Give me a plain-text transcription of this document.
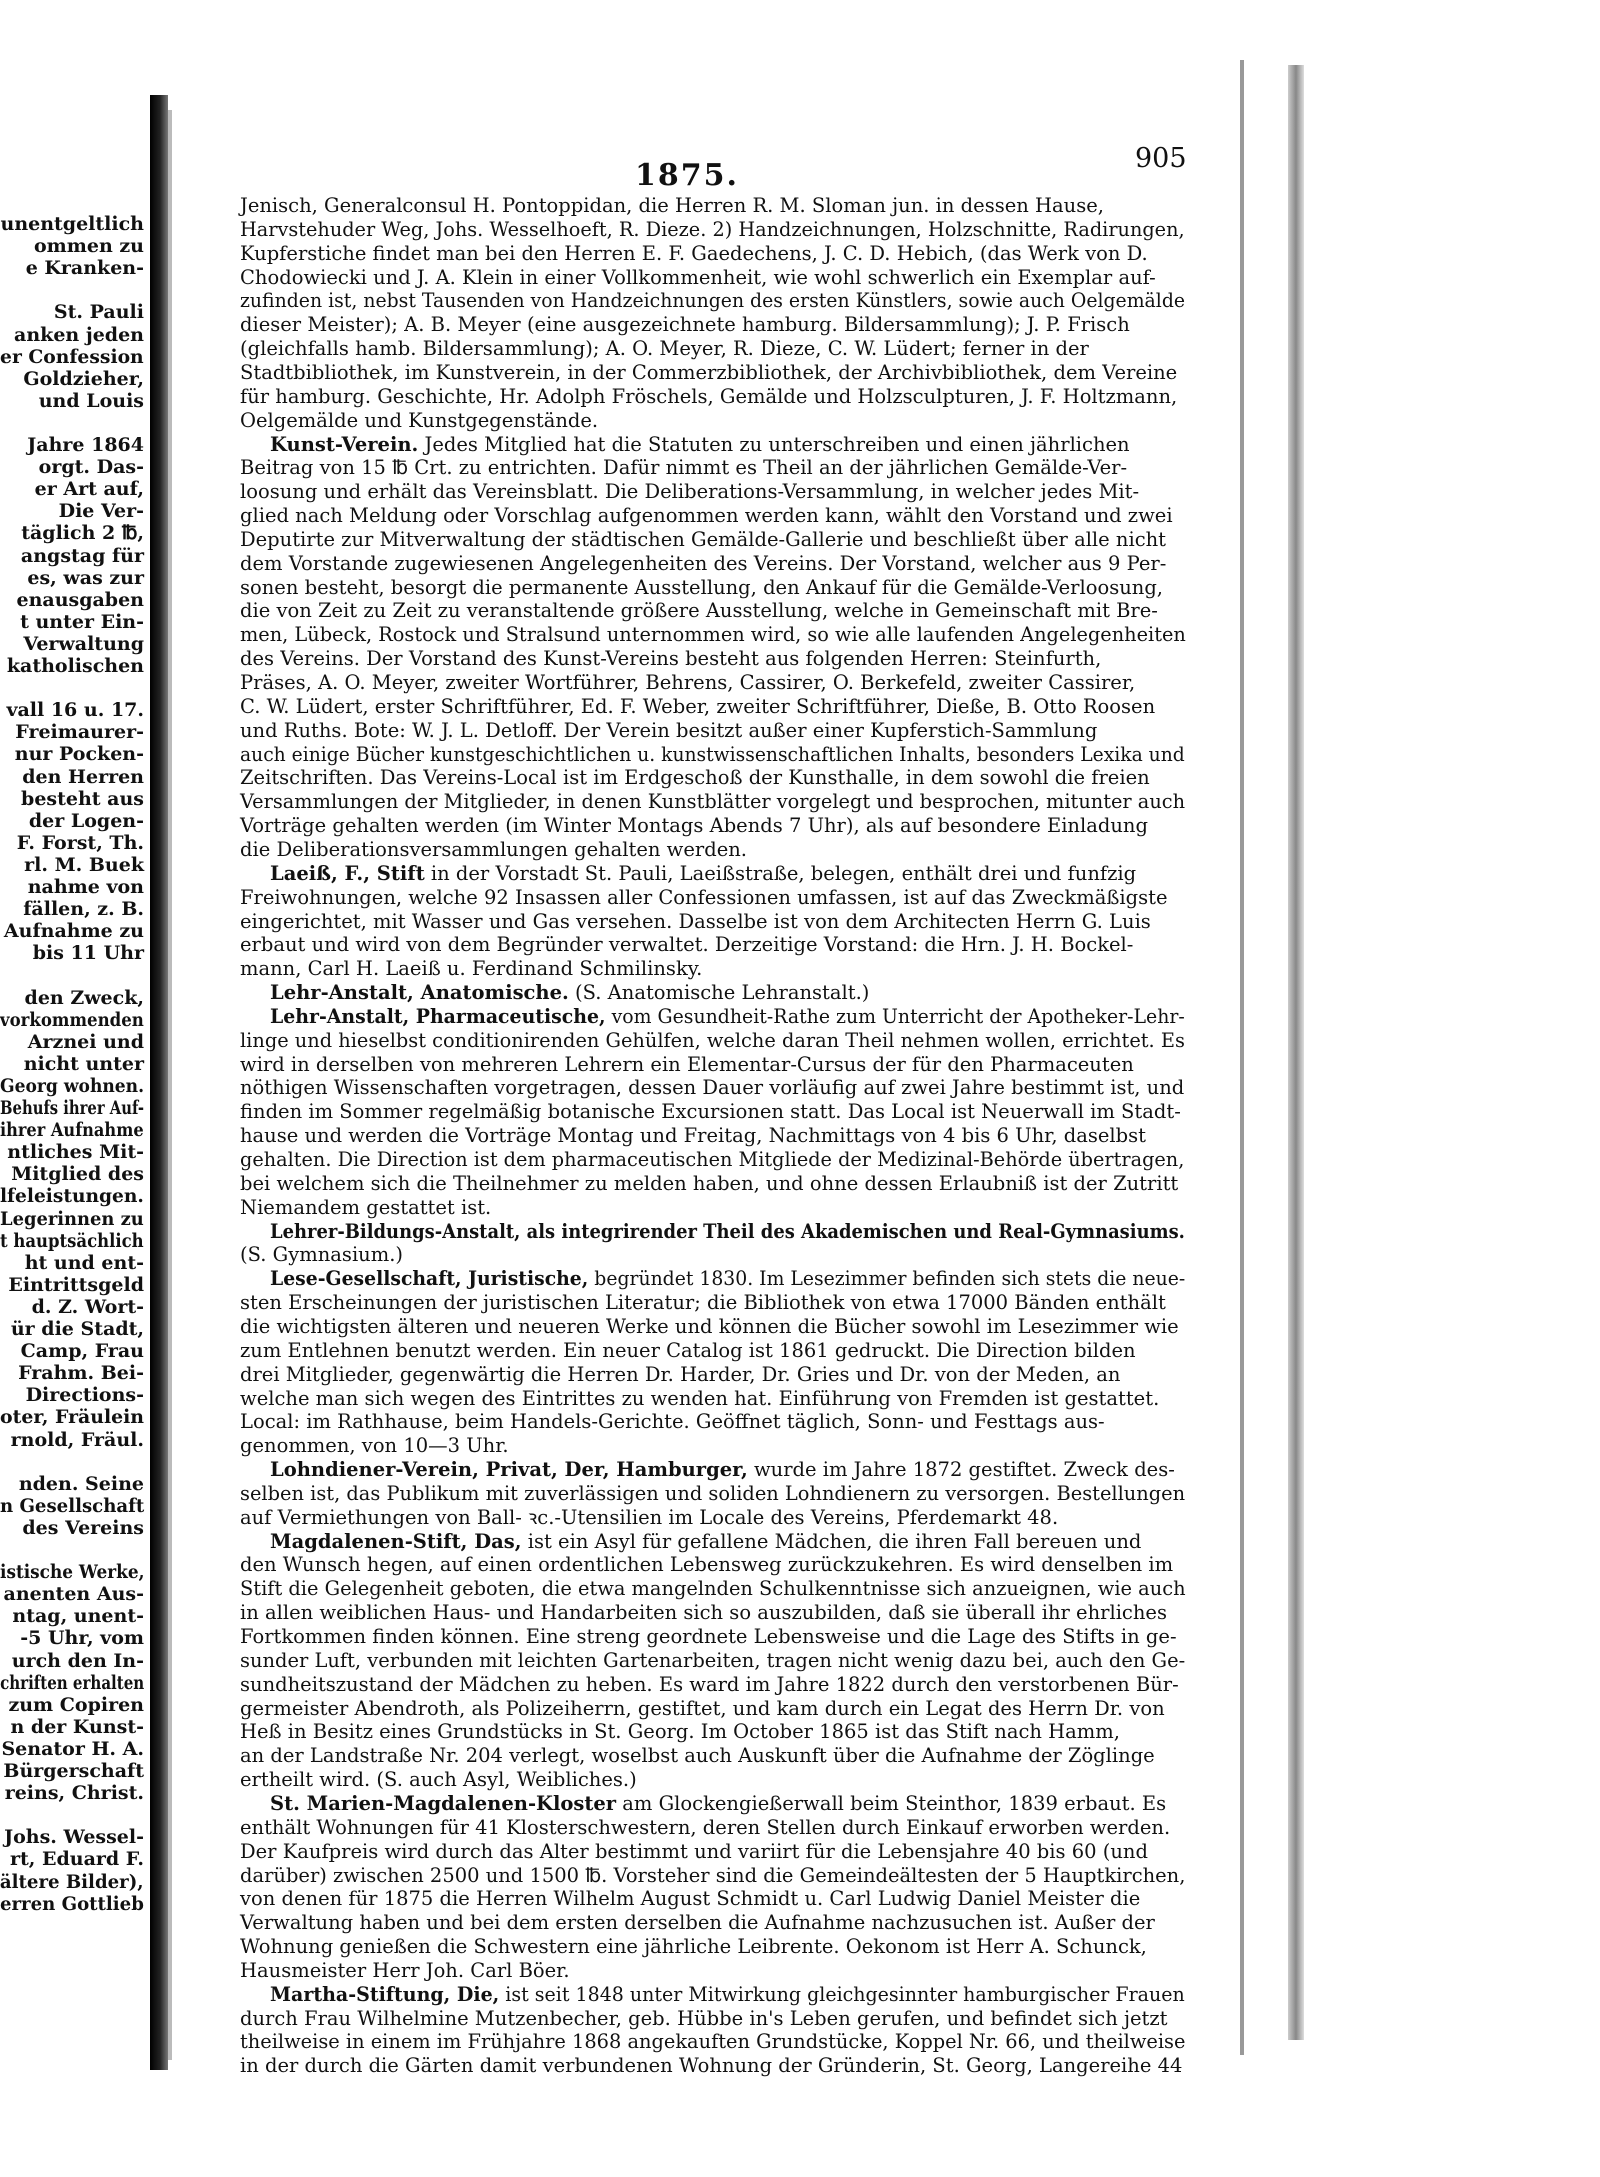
unentgeltlich
ommen zu
e Kranken-
St. Pauli
anken jeden
er Confession
Goldzieher,
und Louis
Jahre 1864
orgt. Das-
er Art auf,
Die Ver-
täglich 2 ℔,
angstag für
es, was zur
enausgaben
t unter Ein-
Verwaltung
katholischen
vall 16 u. 17.
Freimaurer-
nur Pocken-
den Herren
besteht aus
der Logen-
F. Forst, Th.
rl. M. Buek
nahme von
fällen, z. B.
Aufnahme zu
bis 11 Uhr
den Zweck,
vorkommenden
Arznei und
nicht unter
Georg wohnen.
Behufs ihrer Auf-
ihrer Aufnahme
ntliches Mit-
Mitglied des
lfeleistungen.
Legerinnen zu
t hauptsächlich
ht und ent-
Eintrittsgeld
d. Z. Wort-
ür die Stadt,
Camp, Frau
Frahm. Bei-
Directions-
oter, Fräulein
rnold, Fräul.
nden. Seine
n Gesellschaft
des Vereins
istische Werke,
anenten Aus-
ntag, unent-
-5 Uhr, vom
urch den In-
chriften erhalten
zum Copiren
n der Kunst-
Senator H. A.
Bürgerschaft
reins, Christ.
Johs. Wessel-
rt, Eduard F.
ältere Bilder),
erren Gottlieb
1875.	905
Jenisch, Generalconsul H. Pontoppidan, die Herren R. M. Sloman jun. in dessen Hause,
Harvstehuder Weg, Johs. Wesselhoeft, R. Dieze. 2) Handzeichnungen, Holzschnitte, Radirungen,
Kupferstiche findet man bei den Herren E. F. Gaedechens, J. C. D. Hebich, (das Werk von D.
Chodowiecki und J. A. Klein in einer Vollkommenheit, wie wohl schwerlich ein Exemplar auf-
zufinden ist, nebst Tausenden von Handzeichnungen des ersten Künstlers, sowie auch Oelgemälde
dieser Meister); A. B. Meyer (eine ausgezeichnete hamburg. Bildersammlung); J. P. Frisch
(gleichfalls hamb. Bildersammlung); A. O. Meyer, R. Dieze, C. W. Lüdert; ferner in der
Stadtbibliothek, im Kunstverein, in der Commerzbibliothek, der Archivbibliothek, dem Vereine
für hamburg. Geschichte, Hr. Adolph Fröschels, Gemälde und Holzsculpturen, J. F. Holtzmann,
Oelgemälde und Kunstgegenstände.
Kunst-Verein. Jedes Mitglied hat die Statuten zu unterschreiben und einen jährlichen
Beitrag von 15 ℔ Crt. zu entrichten. Dafür nimmt es Theil an der jährlichen Gemälde-Ver-
loosung und erhält das Vereinsblatt. Die Deliberations-Versammlung, in welcher jedes Mit-
glied nach Meldung oder Vorschlag aufgenommen werden kann, wählt den Vorstand und zwei
Deputirte zur Mitverwaltung der städtischen Gemälde-Gallerie und beschließt über alle nicht
dem Vorstande zugewiesenen Angelegenheiten des Vereins. Der Vorstand, welcher aus 9 Per-
sonen besteht, besorgt die permanente Ausstellung, den Ankauf für die Gemälde-Verloosung,
die von Zeit zu Zeit zu veranstaltende größere Ausstellung, welche in Gemeinschaft mit Bre-
men, Lübeck, Rostock und Stralsund unternommen wird, so wie alle laufenden Angelegenheiten
des Vereins. Der Vorstand des Kunst-Vereins besteht aus folgenden Herren: Steinfurth,
Präses, A. O. Meyer, zweiter Wortführer, Behrens, Cassirer, O. Berkefeld, zweiter Cassirer,
C. W. Lüdert, erster Schriftführer, Ed. F. Weber, zweiter Schriftführer, Dieße, B. Otto Roosen
und Ruths. Bote: W. J. L. Detloff. Der Verein besitzt außer einer Kupferstich-Sammlung
auch einige Bücher kunstgeschichtlichen u. kunstwissenschaftlichen Inhalts, besonders Lexika und
Zeitschriften. Das Vereins-Local ist im Erdgeschoß der Kunsthalle, in dem sowohl die freien
Versammlungen der Mitglieder, in denen Kunstblätter vorgelegt und besprochen, mitunter auch
Vorträge gehalten werden (im Winter Montags Abends 7 Uhr), als auf besondere Einladung
die Deliberationsversammlungen gehalten werden.
Laeiß, F., Stift in der Vorstadt St. Pauli, Laeißstraße, belegen, enthält drei und funfzig
Freiwohnungen, welche 92 Insassen aller Confessionen umfassen, ist auf das Zweckmäßigste
eingerichtet, mit Wasser und Gas versehen. Dasselbe ist von dem Architecten Herrn G. Luis
erbaut und wird von dem Begründer verwaltet. Derzeitige Vorstand: die Hrn. J. H. Bockel-
mann, Carl H. Laeiß u. Ferdinand Schmilinsky.
Lehr-Anstalt, Anatomische. (S. Anatomische Lehranstalt.)
Lehr-Anstalt, Pharmaceutische, vom Gesundheit-Rathe zum Unterricht der Apotheker-Lehr-
linge und hieselbst conditionirenden Gehülfen, welche daran Theil nehmen wollen, errichtet. Es
wird in derselben von mehreren Lehrern ein Elementar-Cursus der für den Pharmaceuten
nöthigen Wissenschaften vorgetragen, dessen Dauer vorläufig auf zwei Jahre bestimmt ist, und
finden im Sommer regelmäßig botanische Excursionen statt. Das Local ist Neuerwall im Stadt-
hause und werden die Vorträge Montag und Freitag, Nachmittags von 4 bis 6 Uhr, daselbst
gehalten. Die Direction ist dem pharmaceutischen Mitgliede der Medizinal-Behörde übertragen,
bei welchem sich die Theilnehmer zu melden haben, und ohne dessen Erlaubniß ist der Zutritt
Niemandem gestattet ist.
Lehrer-Bildungs-Anstalt, als integrirender Theil des Akademischen und Real-Gymnasiums.
(S. Gymnasium.)
Lese-Gesellschaft, Juristische, begründet 1830. Im Lesezimmer befinden sich stets die neue-
sten Erscheinungen der juristischen Literatur; die Bibliothek von etwa 17000 Bänden enthält
die wichtigsten älteren und neueren Werke und können die Bücher sowohl im Lesezimmer wie
zum Entlehnen benutzt werden. Ein neuer Catalog ist 1861 gedruckt. Die Direction bilden
drei Mitglieder, gegenwärtig die Herren Dr. Harder, Dr. Gries und Dr. von der Meden, an
welche man sich wegen des Eintrittes zu wenden hat. Einführung von Fremden ist gestattet.
Local: im Rathhause, beim Handels-Gerichte. Geöffnet täglich, Sonn- und Festtags aus-
genommen, von 10—3 Uhr.
Lohndiener-Verein, Privat, Der, Hamburger, wurde im Jahre 1872 gestiftet. Zweck des-
selben ist, das Publikum mit zuverlässigen und soliden Lohndienern zu versorgen. Bestellungen
auf Vermiethungen von Ball- ꝛc.-Utensilien im Locale des Vereins, Pferdemarkt 48.
Magdalenen-Stift, Das, ist ein Asyl für gefallene Mädchen, die ihren Fall bereuen und
den Wunsch hegen, auf einen ordentlichen Lebensweg zurückzukehren. Es wird denselben im
Stift die Gelegenheit geboten, die etwa mangelnden Schulkenntnisse sich anzueignen, wie auch
in allen weiblichen Haus- und Handarbeiten sich so auszubilden, daß sie überall ihr ehrliches
Fortkommen finden können. Eine streng geordnete Lebensweise und die Lage des Stifts in ge-
sunder Luft, verbunden mit leichten Gartenarbeiten, tragen nicht wenig dazu bei, auch den Ge-
sundheitszustand der Mädchen zu heben. Es ward im Jahre 1822 durch den verstorbenen Bür-
germeister Abendroth, als Polizeiherrn, gestiftet, und kam durch ein Legat des Herrn Dr. von
Heß in Besitz eines Grundstücks in St. Georg. Im October 1865 ist das Stift nach Hamm,
an der Landstraße Nr. 204 verlegt, woselbst auch Auskunft über die Aufnahme der Zöglinge
ertheilt wird. (S. auch Asyl, Weibliches.)
St. Marien-Magdalenen-Kloster am Glockengießerwall beim Steinthor, 1839 erbaut. Es
enthält Wohnungen für 41 Klosterschwestern, deren Stellen durch Einkauf erworben werden.
Der Kaufpreis wird durch das Alter bestimmt und variirt für die Lebensjahre 40 bis 60 (und
darüber) zwischen 2500 und 1500 ℔. Vorsteher sind die Gemeindeältesten der 5 Hauptkirchen,
von denen für 1875 die Herren Wilhelm August Schmidt u. Carl Ludwig Daniel Meister die
Verwaltung haben und bei dem ersten derselben die Aufnahme nachzusuchen ist. Außer der
Wohnung genießen die Schwestern eine jährliche Leibrente. Oekonom ist Herr A. Schunck,
Hausmeister Herr Joh. Carl Böer.
Martha-Stiftung, Die, ist seit 1848 unter Mitwirkung gleichgesinnter hamburgischer Frauen
durch Frau Wilhelmine Mutzenbecher, geb. Hübbe in's Leben gerufen, und befindet sich jetzt
theilweise in einem im Frühjahre 1868 angekauften Grundstücke, Koppel Nr. 66, und theilweise
in der durch die Gärten damit verbundenen Wohnung der Gründerin, St. Georg, Langereihe 44
